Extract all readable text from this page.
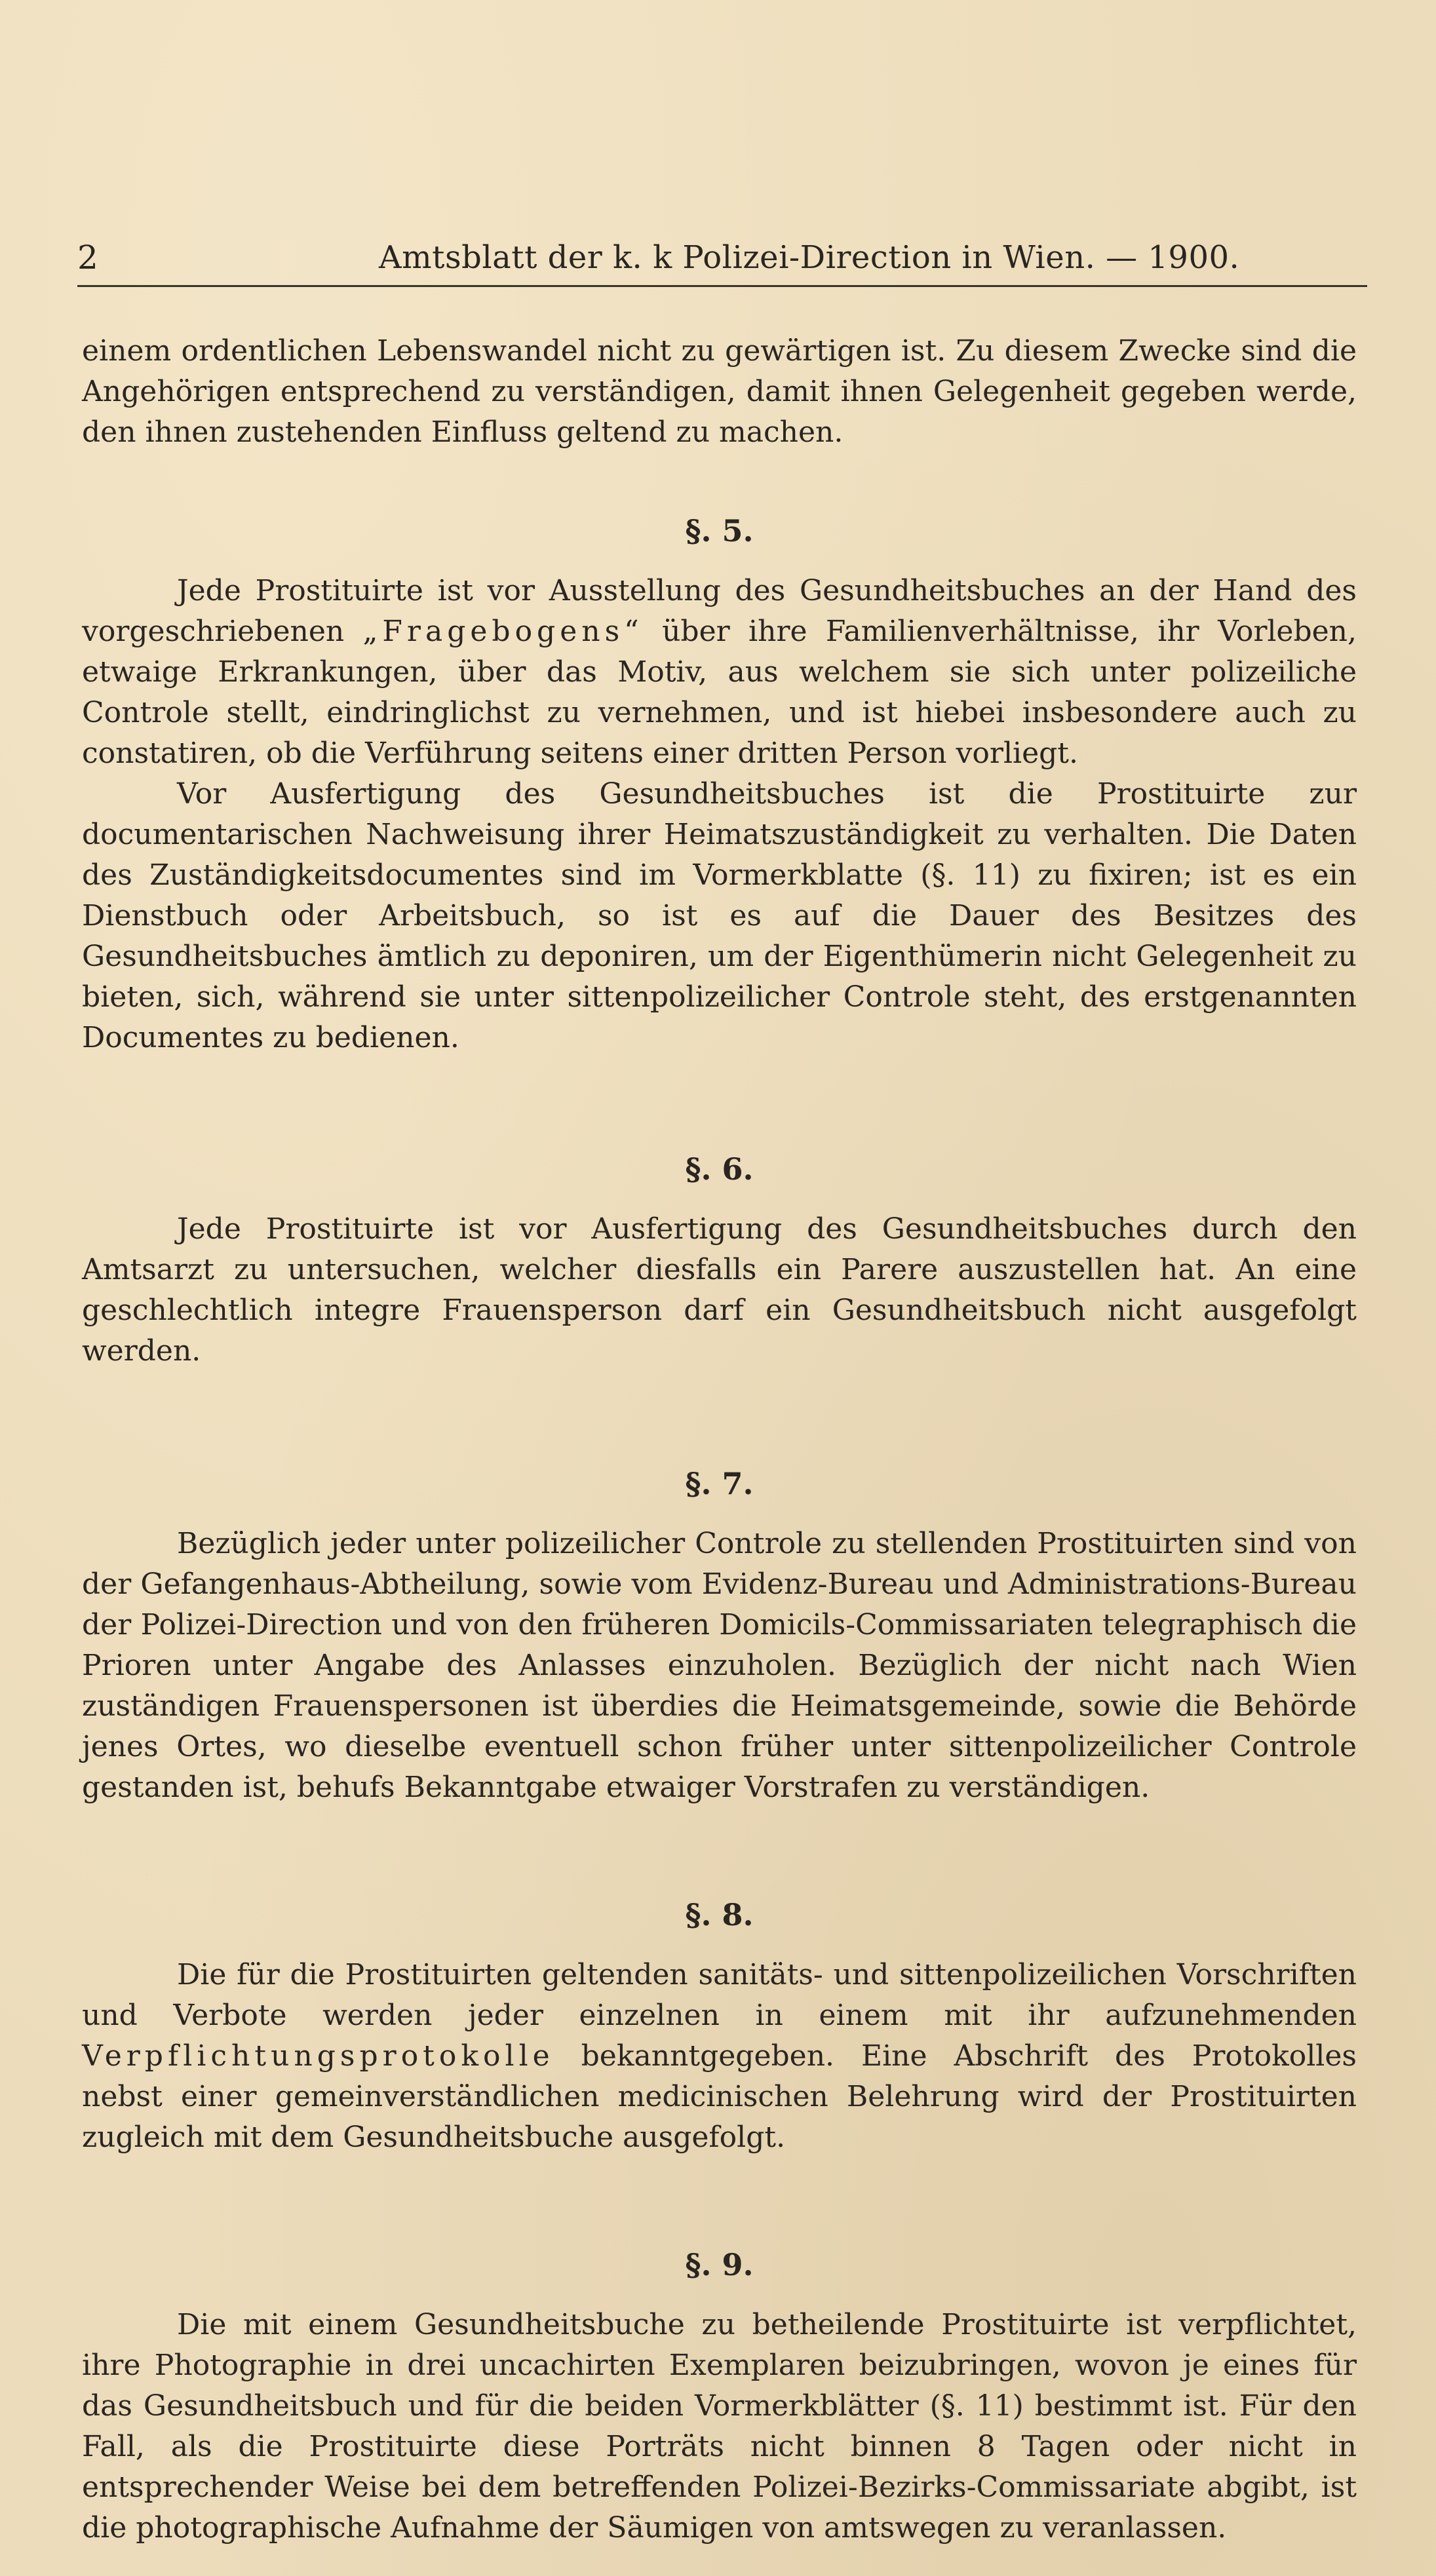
2	Amtsblatt der k. k Polizei-Direction in Wien. — 1900.

einem ordentlichen Lebenswandel nicht zu gewärtigen ist. Zu diesem Zwecke sind die Angehörigen entsprechend zu verständigen, damit ihnen Gelegenheit gegeben werde, den ihnen zustehenden Einfluss geltend zu machen.

§. 5.

Jede Prostituirte ist vor Ausstellung des Gesundheitsbuches an der Hand des vorgeschriebenen „Fragebogens“ über ihre Familienverhältnisse, ihr Vorleben, etwaige Erkrankungen, über das Motiv, aus welchem sie sich unter polizeiliche Controle stellt, eindringlichst zu vernehmen, und ist hiebei insbesondere auch zu constatiren, ob die Verführung seitens einer dritten Person vorliegt.

Vor Ausfertigung des Gesundheitsbuches ist die Prostituirte zur documentarischen Nachweisung ihrer Heimatszuständigkeit zu verhalten. Die Daten des Zuständigkeitsdocumentes sind im Vormerkblatte (§. 11) zu fixiren; ist es ein Dienstbuch oder Arbeitsbuch, so ist es auf die Dauer des Besitzes des Gesundheitsbuches ämtlich zu deponiren, um der Eigenthümerin nicht Gelegenheit zu bieten, sich, während sie unter sittenpolizeilicher Controle steht, des erstgenannten Documentes zu bedienen.

§. 6.

Jede Prostituirte ist vor Ausfertigung des Gesundheitsbuches durch den Amtsarzt zu untersuchen, welcher diesfalls ein Parere auszustellen hat. An eine geschlechtlich integre Frauensperson darf ein Gesundheitsbuch nicht ausgefolgt werden.

§. 7.

Bezüglich jeder unter polizeilicher Controle zu stellenden Prostituirten sind von der Gefangenhaus-Abtheilung, sowie vom Evidenz-Bureau und Administrations-Bureau der Polizei-Direction und von den früheren Domicils-Commissariaten telegraphisch die Prioren unter Angabe des Anlasses einzuholen. Bezüglich der nicht nach Wien zuständigen Frauenspersonen ist überdies die Heimatsgemeinde, sowie die Behörde jenes Ortes, wo dieselbe eventuell schon früher unter sittenpolizeilicher Controle gestanden ist, behufs Bekanntgabe etwaiger Vorstrafen zu verständigen.

§. 8.

Die für die Prostituirten geltenden sanitäts- und sittenpolizeilichen Vorschriften und Verbote werden jeder einzelnen in einem mit ihr aufzunehmenden Verpflichtungsprotokolle bekanntgegeben. Eine Abschrift des Protokolles nebst einer gemeinverständlichen medicinischen Belehrung wird der Prostituirten zugleich mit dem Gesundheitsbuche ausgefolgt.

§. 9.

Die mit einem Gesundheitsbuche zu betheilende Prostituirte ist verpflichtet, ihre Photographie in drei uncachirten Exemplaren beizubringen, wovon je eines für das Gesundheitsbuch und für die beiden Vormerkblätter (§. 11) bestimmt ist. Für den Fall, als die Prostituirte diese Porträts nicht binnen 8 Tagen oder nicht in entsprechender Weise bei dem betreffenden Polizei-Bezirks-Commissariate abgibt, ist die photographische Aufnahme der Säumigen von amtswegen zu veranlassen.
